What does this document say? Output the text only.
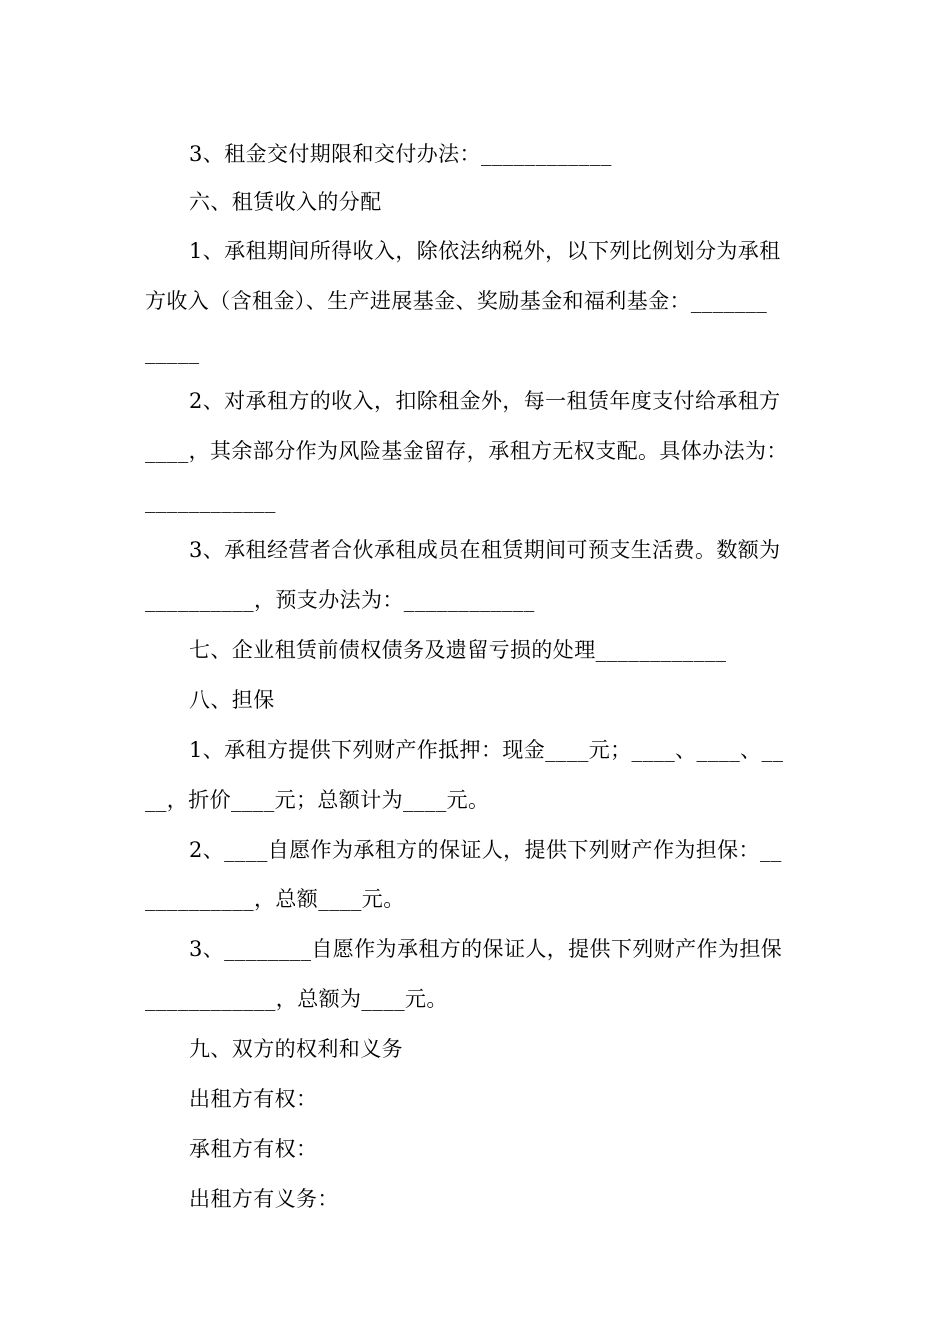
3、租金交付期限和交付办法：____________
六、租赁收入的分配
1、承租期间所得收入，除依法纳税外，以下列比例划分为承租
方收入（含租金）、生产进展基金、奖励基金和福利基金：_______
_____
2、对承租方的收入，扣除租金外，每一租赁年度支付给承租方
____，其余部分作为风险基金留存，承租方无权支配。具体办法为：
____________
3、承租经营者合伙承租成员在租赁期间可预支生活费。数额为
__________，预支办法为：____________
七、企业租赁前债权债务及遗留亏损的处理____________
八、担保
1、承租方提供下列财产作抵押：现金____元；____、____、__
__，折价____元；总额计为____元。
2、____自愿作为承租方的保证人，提供下列财产作为担保：__
__________，总额____元。
3、________自愿作为承租方的保证人，提供下列财产作为担保
____________，总额为____元。
九、双方的权利和义务
出租方有权：
承租方有权：
出租方有义务：
